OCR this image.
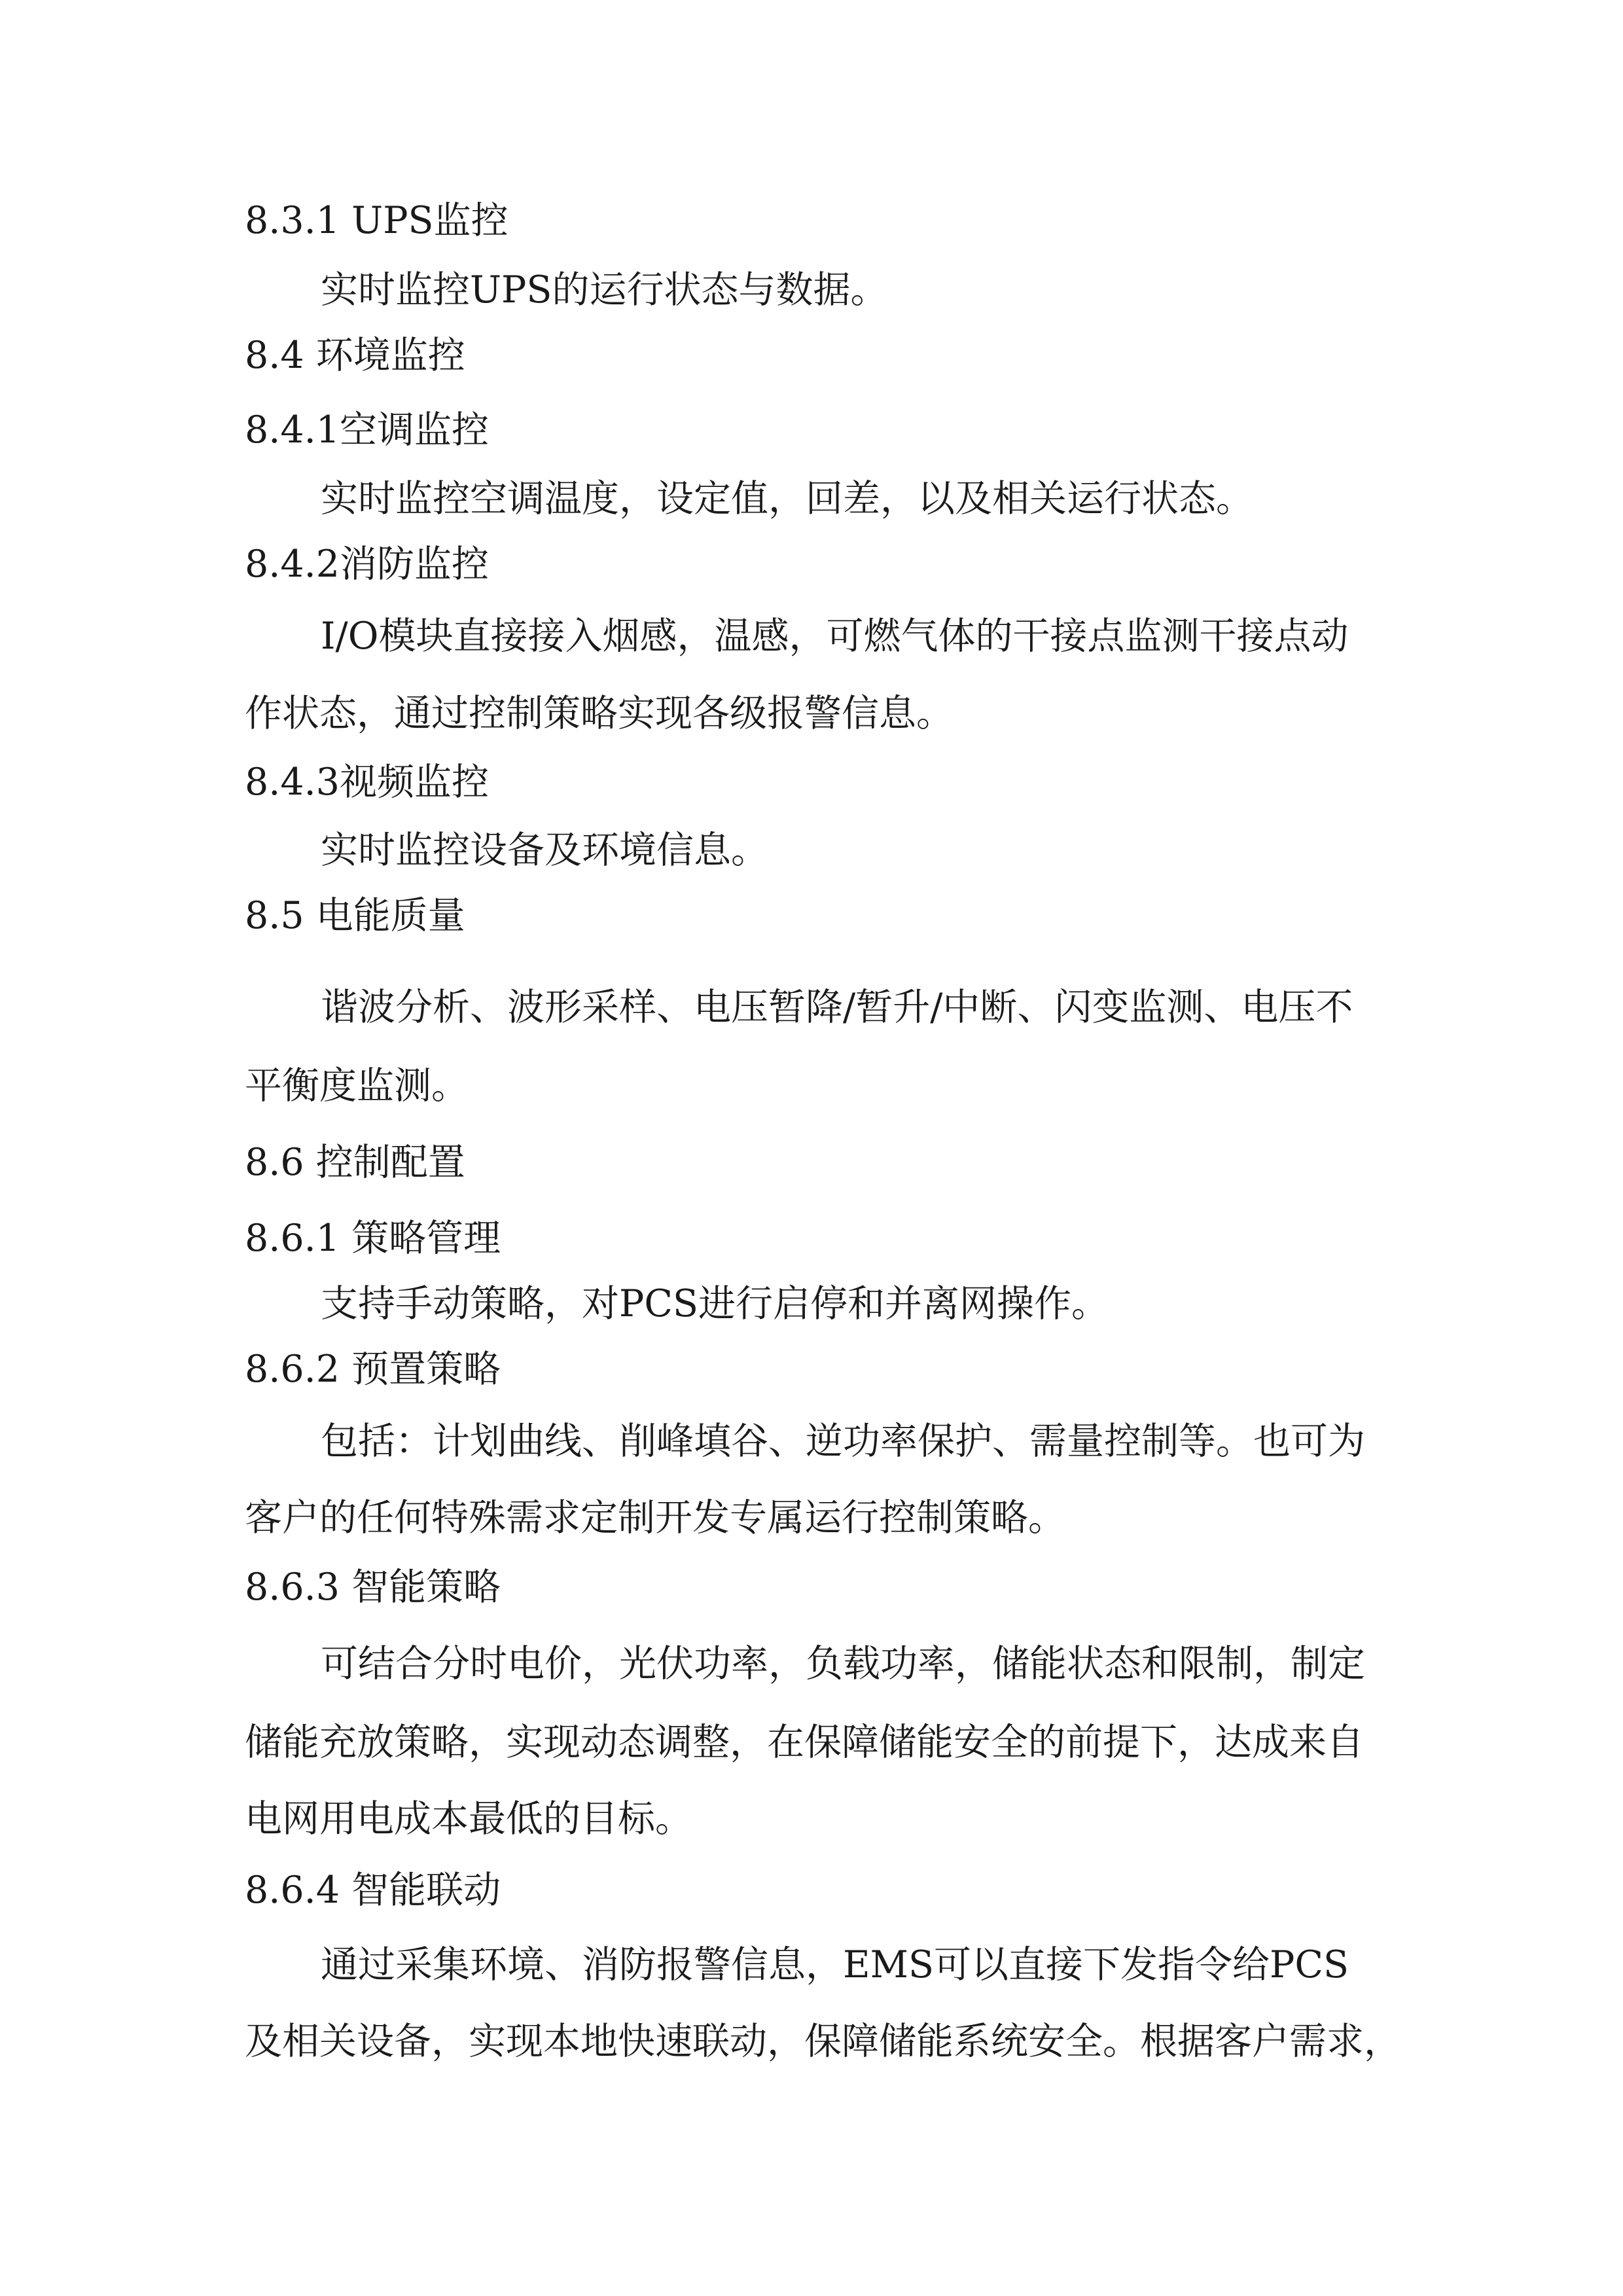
8.3.1 UPS监控

实时监控UPS的运行状态与数据。

8.4 环境监控

8.4.1空调监控

实时监控空调温度，设定值，回差，以及相关运行状态。

8.4.2消防监控

I/O模块直接接入烟感，温感，可燃气体的干接点监测干接点动

作状态，通过控制策略实现各级报警信息。

8.4.3视频监控

实时监控设备及环境信息。

8.5 电能质量

谐波分析、波形采样、电压暂降/暂升/中断、闪变监测、电压不

平衡度监测。

8.6 控制配置

8.6.1 策略管理

支持手动策略，对PCS进行启停和并离网操作。

8.6.2 预置策略

包括：计划曲线、削峰填谷、逆功率保护、需量控制等。也可为

客户的任何特殊需求定制开发专属运行控制策略。

8.6.3 智能策略

可结合分时电价，光伏功率，负载功率，储能状态和限制，制定

储能充放策略，实现动态调整，在保障储能安全的前提下，达成来自

电网用电成本最低的目标。

8.6.4 智能联动

通过采集环境、消防报警信息，EMS可以直接下发指令给PCS

及相关设备，实现本地快速联动，保障储能系统安全。根据客户需求，
